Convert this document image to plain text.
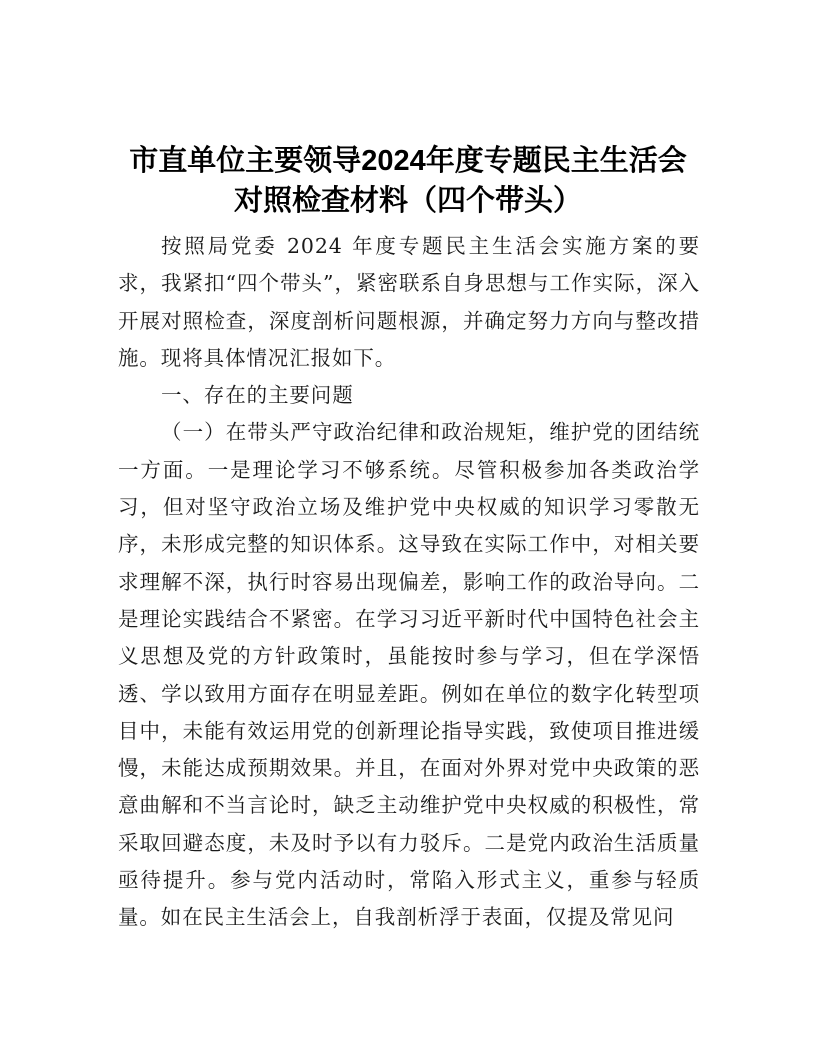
市直单位主要领导2024年度专题民主生活会对照检查材料（四个带头）

按照局党委 2024 年度专题民主生活会实施方案的要求，我紧扣“四个带头”，紧密联系自身思想与工作实际，深入开展对照检查，深度剖析问题根源，并确定努力方向与整改措施。现将具体情况汇报如下。

一、存在的主要问题

（一）在带头严守政治纪律和政治规矩，维护党的团结统一方面。一是理论学习不够系统。尽管积极参加各类政治学习，但对坚守政治立场及维护党中央权威的知识学习零散无序，未形成完整的知识体系。这导致在实际工作中，对相关要求理解不深，执行时容易出现偏差，影响工作的政治导向。二是理论实践结合不紧密。在学习习近平新时代中国特色社会主义思想及党的方针政策时，虽能按时参与学习，但在学深悟透、学以致用方面存在明显差距。例如在单位的数字化转型项目中，未能有效运用党的创新理论指导实践，致使项目推进缓慢，未能达成预期效果。并且，在面对外界对党中央政策的恶意曲解和不当言论时，缺乏主动维护党中央权威的积极性，常采取回避态度，未及时予以有力驳斥。二是党内政治生活质量亟待提升。参与党内活动时，常陷入形式主义，重参与轻质量。如在民主生活会上，自我剖析浮于表面，仅提及常见问
